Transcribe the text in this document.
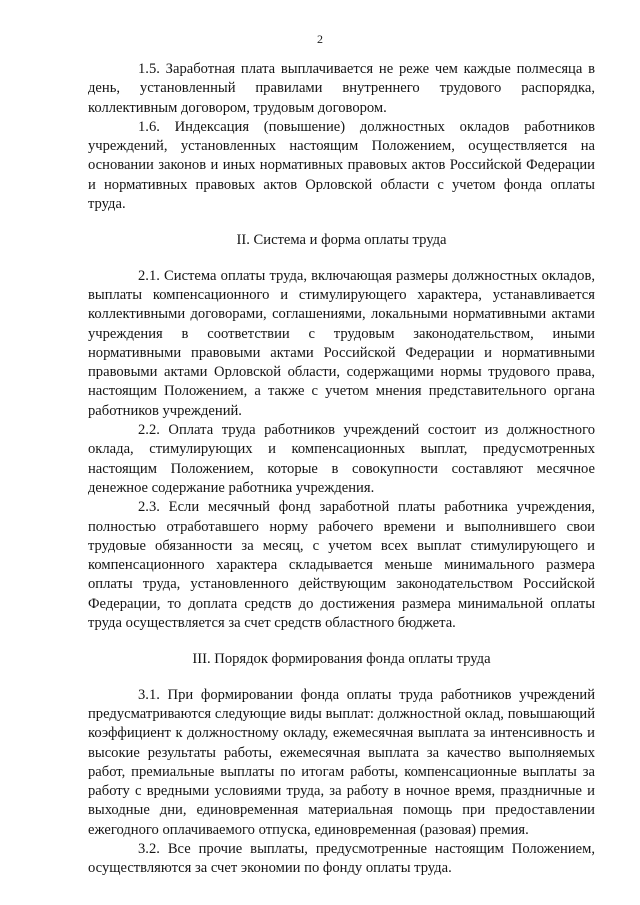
2

1.5. Заработная плата выплачивается не реже чем каждые полмесяца в день, установленный правилами внутреннего трудового распорядка, коллективным договором, трудовым договором.

1.6. Индексация (повышение) должностных окладов работников учреждений, установленных настоящим Положением, осуществляется на основании законов и иных нормативных правовых актов Российской Федерации и нормативных правовых актов Орловской области с учетом фонда оплаты труда.

II. Система и форма оплаты труда

2.1. Система оплаты труда, включающая размеры должностных окладов, выплаты компенсационного и стимулирующего характера, устанавливается коллективными договорами, соглашениями, локальными нормативными актами учреждения в соответствии с трудовым законодательством, иными нормативными правовыми актами Российской Федерации и нормативными правовыми актами Орловской области, содержащими нормы трудового права, настоящим Положением, а также с учетом мнения представительного органа работников учреждений.

2.2. Оплата труда работников учреждений состоит из должностного оклада, стимулирующих и компенсационных выплат, предусмотренных настоящим Положением, которые в совокупности составляют месячное денежное содержание работника учреждения.

2.3. Если месячный фонд заработной платы работника учреждения, полностью отработавшего норму рабочего времени и выполнившего свои трудовые обязанности за месяц, с учетом всех выплат стимулирующего и компенсационного характера складывается меньше минимального размера оплаты труда, установленного действующим законодательством Российской Федерации, то доплата средств до достижения размера минимальной оплаты труда осуществляется за счет средств областного бюджета.

III. Порядок формирования фонда оплаты труда

3.1. При формировании фонда оплаты труда работников учреждений предусматриваются следующие виды выплат: должностной оклад, повышающий коэффициент к должностному окладу, ежемесячная выплата за интенсивность и высокие результаты работы, ежемесячная выплата за качество выполняемых работ, премиальные выплаты по итогам работы, компенсационные выплаты за работу с вредными условиями труда, за работу в ночное время, праздничные и выходные дни, единовременная материальная помощь при предоставлении ежегодного оплачиваемого отпуска, единовременная (разовая) премия.

3.2. Все прочие выплаты, предусмотренные настоящим Положением, осуществляются за счет экономии по фонду оплаты труда.
